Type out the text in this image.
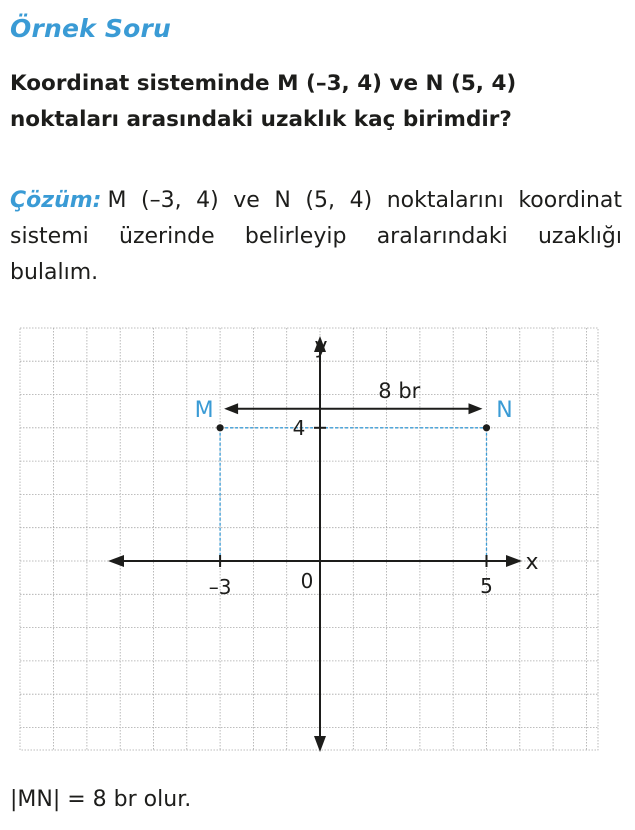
Örnek Soru
Koordinat sisteminde M (–3, 4) ve N (5, 4) noktaları arasındaki uzaklık kaç birimdir?
Çözüm: M (–3, 4) ve N (5, 4) noktalarını koordinat sistemi üzerinde belirleyip aralarındaki uzaklığı bulalım.
y
x
0
–3	5
4
8 br
M	N
|MN| = 8 br olur.
